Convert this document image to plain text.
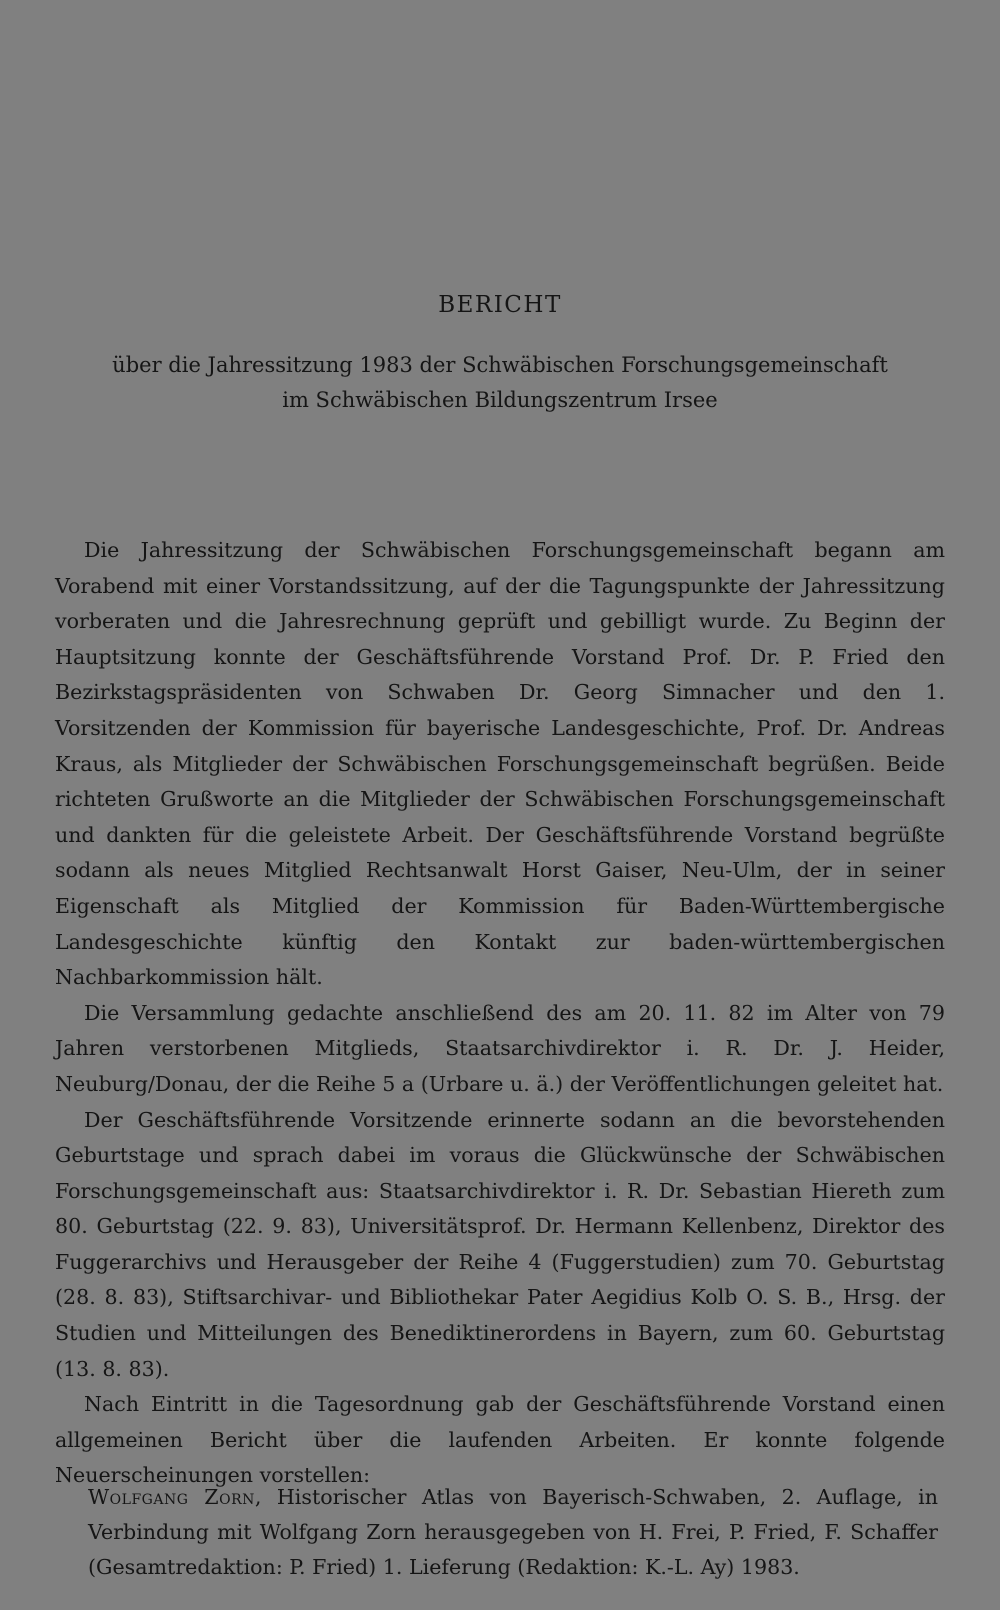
BERICHT
über die Jahressitzung 1983 der Schwäbischen Forschungsgemeinschaft
im Schwäbischen Bildungszentrum Irsee

Die Jahressitzung der Schwäbischen Forschungsgemeinschaft begann am Vorabend mit einer Vorstandssitzung, auf der die Tagungspunkte der Jahressitzung vorberaten und die Jahresrechnung geprüft und gebilligt wurde. Zu Beginn der Hauptsitzung konnte der Geschäftsführende Vorstand Prof. Dr. P. Fried den Bezirkstagspräsidenten von Schwaben Dr. Georg Simnacher und den 1. Vorsitzenden der Kommission für bayerische Landesgeschichte, Prof. Dr. Andreas Kraus, als Mitglieder der Schwäbischen Forschungsgemeinschaft begrüßen. Beide richteten Grußworte an die Mitglieder der Schwäbischen Forschungsgemeinschaft und dankten für die geleistete Arbeit. Der Geschäftsführende Vorstand begrüßte sodann als neues Mitglied Rechtsanwalt Horst Gaiser, Neu-Ulm, der in seiner Eigenschaft als Mitglied der Kommission für Baden-Württembergische Landesgeschichte künftig den Kontakt zur baden-württembergischen Nachbarkommission hält.

Die Versammlung gedachte anschließend des am 20. 11. 82 im Alter von 79 Jahren verstorbenen Mitglieds, Staatsarchivdirektor i. R. Dr. J. Heider, Neuburg/Donau, der die Reihe 5 a (Urbare u. ä.) der Veröffentlichungen geleitet hat.

Der Geschäftsführende Vorsitzende erinnerte sodann an die bevorstehenden Geburtstage und sprach dabei im voraus die Glückwünsche der Schwäbischen Forschungsgemeinschaft aus: Staatsarchivdirektor i. R. Dr. Sebastian Hiereth zum 80. Geburtstag (22. 9. 83), Universitätsprof. Dr. Hermann Kellenbenz, Direktor des Fuggerarchivs und Herausgeber der Reihe 4 (Fuggerstudien) zum 70. Geburtstag (28. 8. 83), Stiftsarchivar- und Bibliothekar Pater Aegidius Kolb O. S. B., Hrsg. der Studien und Mitteilungen des Benediktinerordens in Bayern, zum 60. Geburtstag (13. 8. 83).

Nach Eintritt in die Tagesordnung gab der Geschäftsführende Vorstand einen allgemeinen Bericht über die laufenden Arbeiten. Er konnte folgende Neuerscheinungen vorstellen:

Wolfgang Zorn, Historischer Atlas von Bayerisch-Schwaben, 2. Auflage, in Verbindung mit Wolfgang Zorn herausgegeben von H. Frei, P. Fried, F. Schaffer (Gesamtredaktion: P. Fried) 1. Lieferung (Redaktion: K.-L. Ay) 1983.
